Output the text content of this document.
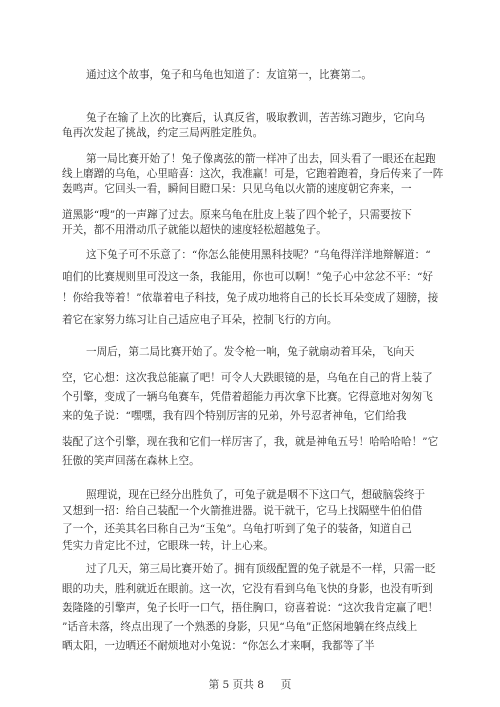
通过这个故事，兔子和乌龟也知道了：友谊第一，比赛第二。
兔子在输了上次的比赛后，认真反省，吸取教训，苦苦练习跑步，它向乌
龟再次发起了挑战，约定三局两胜定胜负。
第一局比赛开始了！兔子像离弦的箭一样冲了出去，回头看了一眼还在起跑
线上磨蹭的乌龟，心里暗喜：这次，我准赢！可是，它跑着跑着，身后传来了一阵
轰鸣声。它回头一看，瞬间目瞪口呆：只见乌龟以火箭的速度朝它奔来，一
道黑影“嗖”的一声蹿了过去。原来乌龟在肚皮上装了四个轮子，只需要按下
开关，都不用滑动爪子就能以超快的速度轻松超越兔子。
这下兔子可不乐意了：“你怎么能使用黑科技呢？”乌龟得洋洋地辩解道：“
咱们的比赛规则里可没这一条，我能用，你也可以啊！”兔子心中忿忿不平：“好
！你给我等着！”依靠着电子科技，兔子成功地将自己的长长耳朵变成了翅膀，接
着它在家努力练习让自己适应电子耳朵，控制飞行的方向。
一周后，第二局比赛开始了。发令枪一响，兔子就扇动着耳朵，飞向天
空，它心想：这次我总能赢了吧！可令人大跌眼镜的是，乌龟在自己的背上装了
个引擎，变成了一辆乌龟赛车，凭借着超能力再次拿下比赛。它得意地对匆匆飞
来的兔子说：“嘿嘿，我有四个特别厉害的兄弟，外号忍者神龟，它们给我
装配了这个引擎，现在我和它们一样厉害了，我，就是神龟五号！哈哈哈哈！”它
狂傲的笑声回荡在森林上空。
照理说，现在已经分出胜负了，可兔子就是咽不下这口气，想破脑袋终于
又想到一招：给自己装配一个火箭推进器。说干就干，它马上找隔壁牛伯伯借
了一个，还美其名曰称自己为“玉兔”。乌龟打听到了兔子的装备，知道自己
凭实力肯定比不过，它眼珠一转，计上心来。
过了几天，第三局比赛开始了。拥有顶级配置的兔子就是不一样，只需一眨
眼的功夫，胜利就近在眼前。这一次，它没有看到乌龟飞快的身影，也没有听到
轰隆隆的引擎声，兔子长吁一口气，捂住胸口，窃喜着说：“这次我肯定赢了吧！
”话音未落，终点出现了一个熟悉的身影，只见“乌龟”正悠闲地躺在终点线上
晒太阳，一边晒还不耐烦地对小兔说：“你怎么才来啊，我都等了半
第 5 页共 8     页
